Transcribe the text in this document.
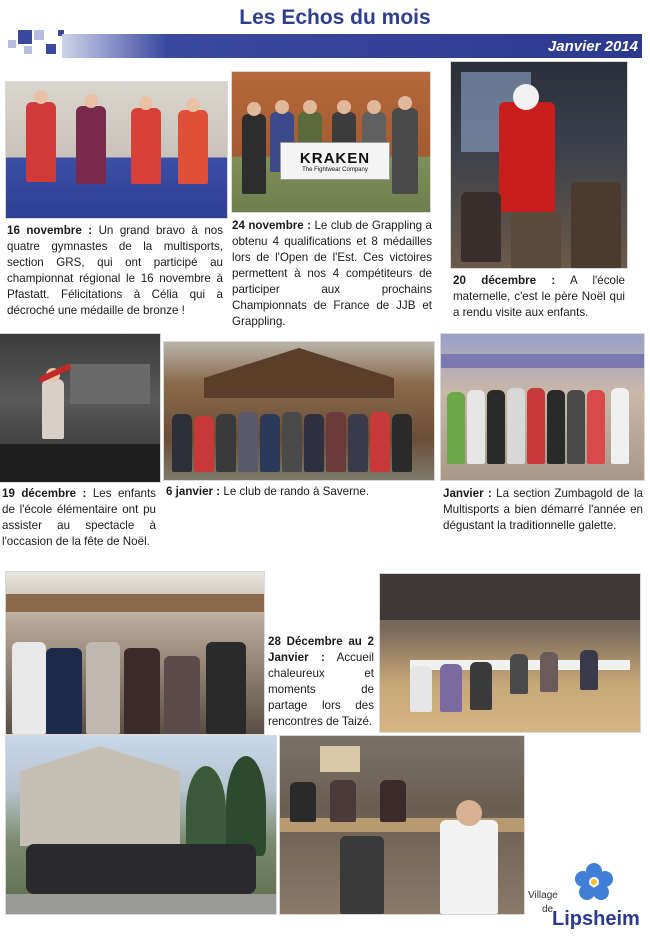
Les Echos du mois
Janvier 2014
16 novembre : Un grand bravo à nos quatre gymnastes de la multisports, section GRS, qui ont participé au championnat régional le 16 novembre à Pfastatt. Félicitations à Célia qui a décroché une médaille de bronze !
KRAKEN
The Fightwear Company
24 novembre : Le club de Grappling a obtenu 4 qualifications et 8 médailles lors de l'Open de l'Est. Ces victoires permettent à nos 4 compétiteurs de participer aux prochains Championnats de France de JJB et Grappling.
20 décembre : A l'école maternelle, c'est le père Noël qui a rendu visite aux enfants.
19 décembre : Les enfants de l'école élémentaire ont pu assister au spectacle à l'occasion de la fête de Noël.
6 janvier : Le club de rando à Saverne.	Janvier : La section Zumbagold de la Multisports a bien démarré l'année en dégustant la traditionnelle galette.
28 Décembre au 2 Janvier : Accueil chaleureux et moments de partage lors des rencontres de Taizé.
Village
de
Lipsheim
